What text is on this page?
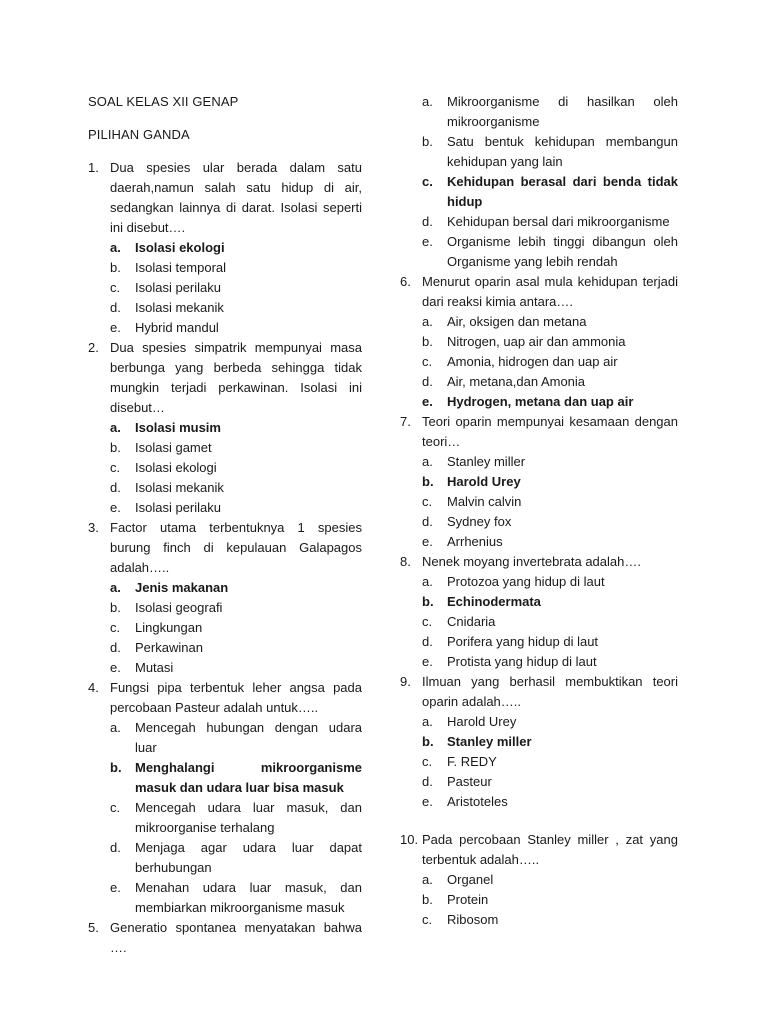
SOAL KELAS XII GENAP
PILIHAN GANDA
1. Dua spesies ular berada dalam satu daerah,namun salah satu hidup di air, sedangkan lainnya di darat. Isolasi seperti ini disebut….
a.	Isolasi ekologi
b.	Isolasi temporal
c.	Isolasi perilaku
d.	Isolasi mekanik
e.	Hybrid mandul
2. Dua spesies simpatrik mempunyai masa berbunga yang berbeda sehingga tidak mungkin terjadi perkawinan. Isolasi ini disebut…
a.	Isolasi musim
b.	Isolasi gamet
c.	Isolasi ekologi
d.	Isolasi mekanik
e.	Isolasi perilaku
3. Factor utama terbentuknya 1 spesies burung finch di kepulauan Galapagos adalah…..
a.	Jenis makanan
b.	Isolasi geografi
c.	Lingkungan
d.	Perkawinan
e.	Mutasi
4. Fungsi pipa terbentuk leher angsa pada percobaan Pasteur adalah untuk…..
a.	Mencegah hubungan dengan udara luar
b.	Menghalangi mikroorganisme masuk dan udara luar bisa masuk
c.	Mencegah udara luar masuk, dan mikroorganise terhalang
d.	Menjaga agar udara luar dapat berhubungan
e.	Menahan udara luar masuk, dan membiarkan mikroorganisme masuk
5. Generatio spontanea menyatakan bahwa ….
a.	Mikroorganisme di hasilkan oleh mikroorganisme
b.	Satu bentuk kehidupan membangun kehidupan yang lain
c.	Kehidupan berasal dari benda tidak hidup
d.	Kehidupan bersal dari mikroorganisme
e.	Organisme lebih tinggi dibangun oleh Organisme yang lebih rendah
6. Menurut oparin asal mula kehidupan terjadi dari reaksi kimia antara….
a.	Air, oksigen dan metana
b.	Nitrogen, uap air dan ammonia
c.	Amonia, hidrogen dan uap air
d.	Air, metana,dan Amonia
e.	Hydrogen, metana dan uap air
7. Teori oparin mempunyai kesamaan dengan teori…
a.	Stanley miller
b.	Harold Urey
c.	Malvin calvin
d.	Sydney fox
e.	Arrhenius
8. Nenek moyang invertebrata adalah….
a.	Protozoa yang hidup di laut
b.	Echinodermata
c.	Cnidaria
d.	Porifera yang hidup di laut
e.	Protista yang hidup di laut
9. Ilmuan yang berhasil membuktikan teori oparin adalah…..
a.	Harold Urey
b.	Stanley miller
c.	F. REDY
d.	Pasteur
e.	Aristoteles
10. Pada percobaan Stanley miller , zat yang terbentuk adalah…..
a.	Organel
b.	Protein
c.	Ribosom
